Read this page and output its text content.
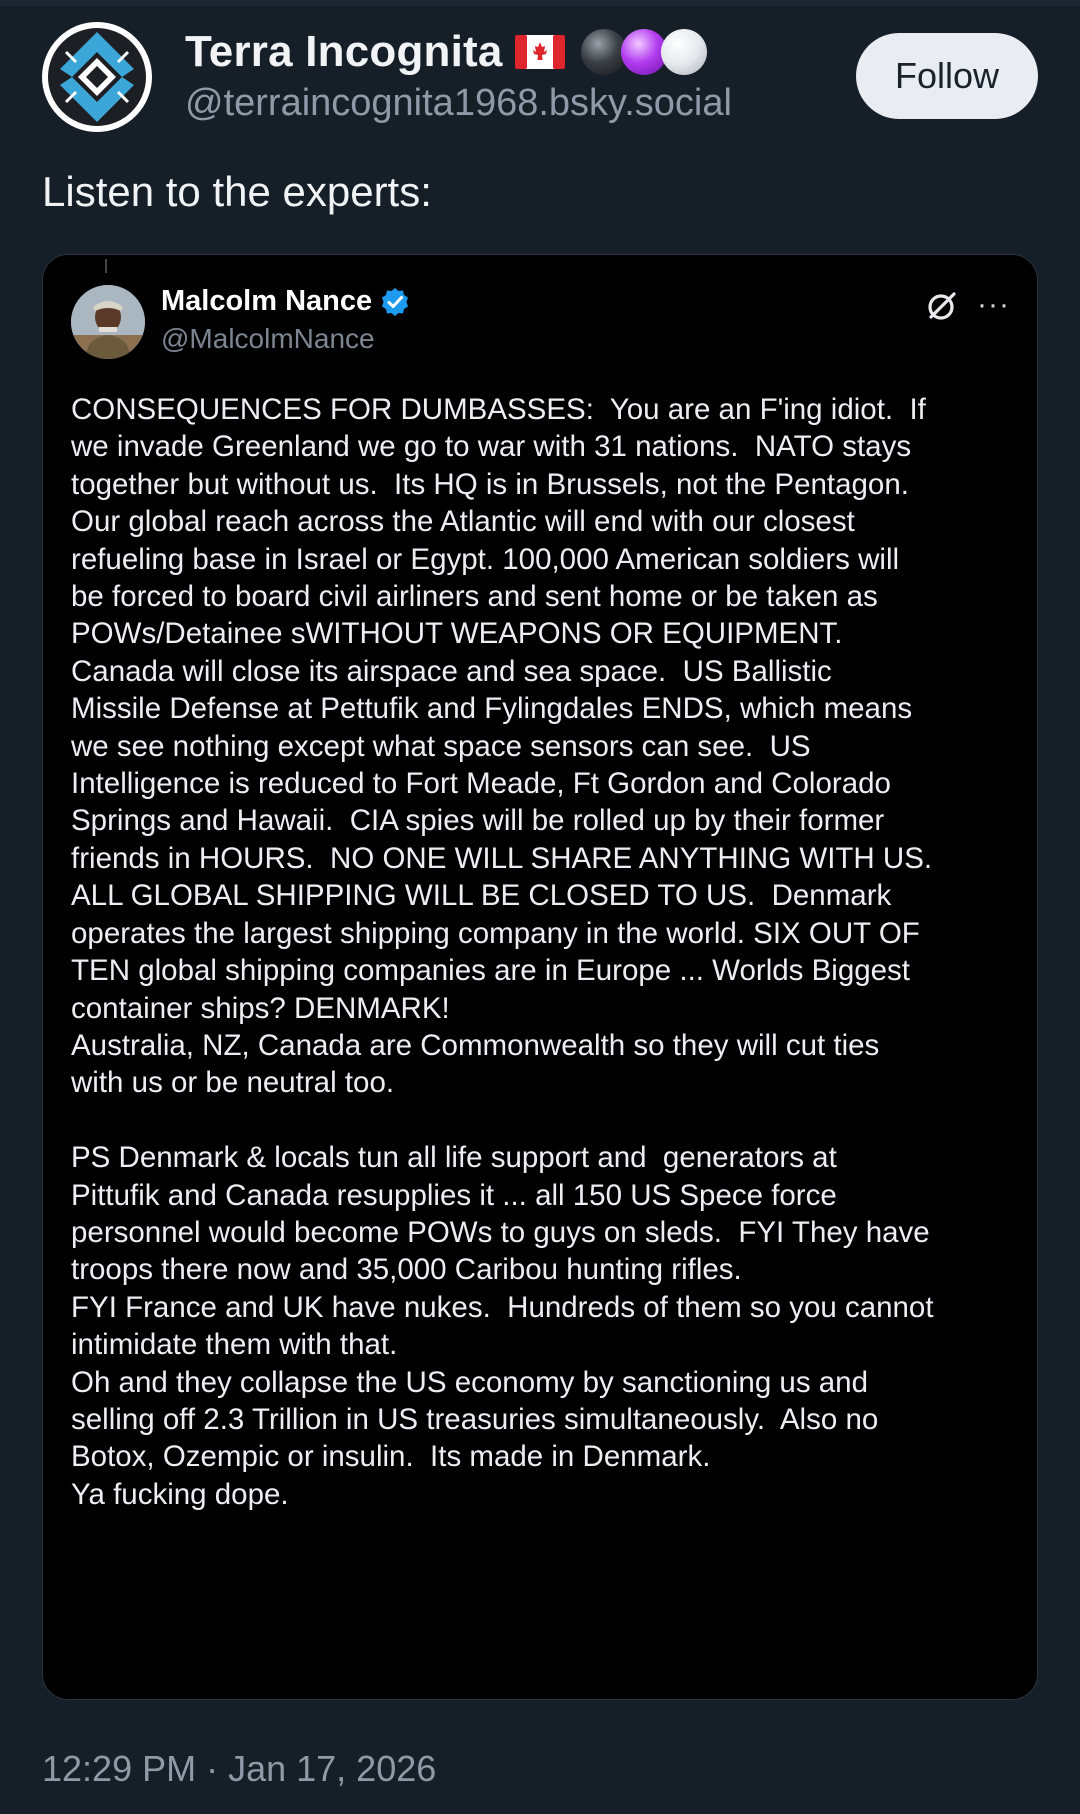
Terra Incognita
@terraincognita1968.bsky.social
Follow
Listen to the experts:
Malcolm Nance
@MalcolmNance
···
CONSEQUENCES FOR DUMBASSES:  You are an F'ing idiot.  If
we invade Greenland we go to war with 31 nations.  NATO stays
together but without us.  Its HQ is in Brussels, not the Pentagon.
Our global reach across the Atlantic will end with our closest
refueling base in Israel or Egypt. 100,000 American soldiers will
be forced to board civil airliners and sent home or be taken as
POWs/Detainee sWITHOUT WEAPONS OR EQUIPMENT.
Canada will close its airspace and sea space.  US Ballistic
Missile Defense at Pettufik and Fylingdales ENDS, which means
we see nothing except what space sensors can see.  US
Intelligence is reduced to Fort Meade, Ft Gordon and Colorado
Springs and Hawaii.  CIA spies will be rolled up by their former
friends in HOURS.  NO ONE WILL SHARE ANYTHING WITH US.
ALL GLOBAL SHIPPING WILL BE CLOSED TO US.  Denmark
operates the largest shipping company in the world. SIX OUT OF
TEN global shipping companies are in Europe ... Worlds Biggest
container ships? DENMARK!
Australia, NZ, Canada are Commonwealth so they will cut ties
with us or be neutral too.

PS Denmark & locals tun all life support and  generators at
Pittufik and Canada resupplies it ... all 150 US Spece force
personnel would become POWs to guys on sleds.  FYI They have
troops there now and 35,000 Caribou hunting rifles.
FYI France and UK have nukes.  Hundreds of them so you cannot
intimidate them with that.
Oh and they collapse the US economy by sanctioning us and
selling off 2.3 Trillion in US treasuries simultaneously.  Also no
Botox, Ozempic or insulin.  Its made in Denmark.
Ya fucking dope.
12:29 PM · Jan 17, 2026
